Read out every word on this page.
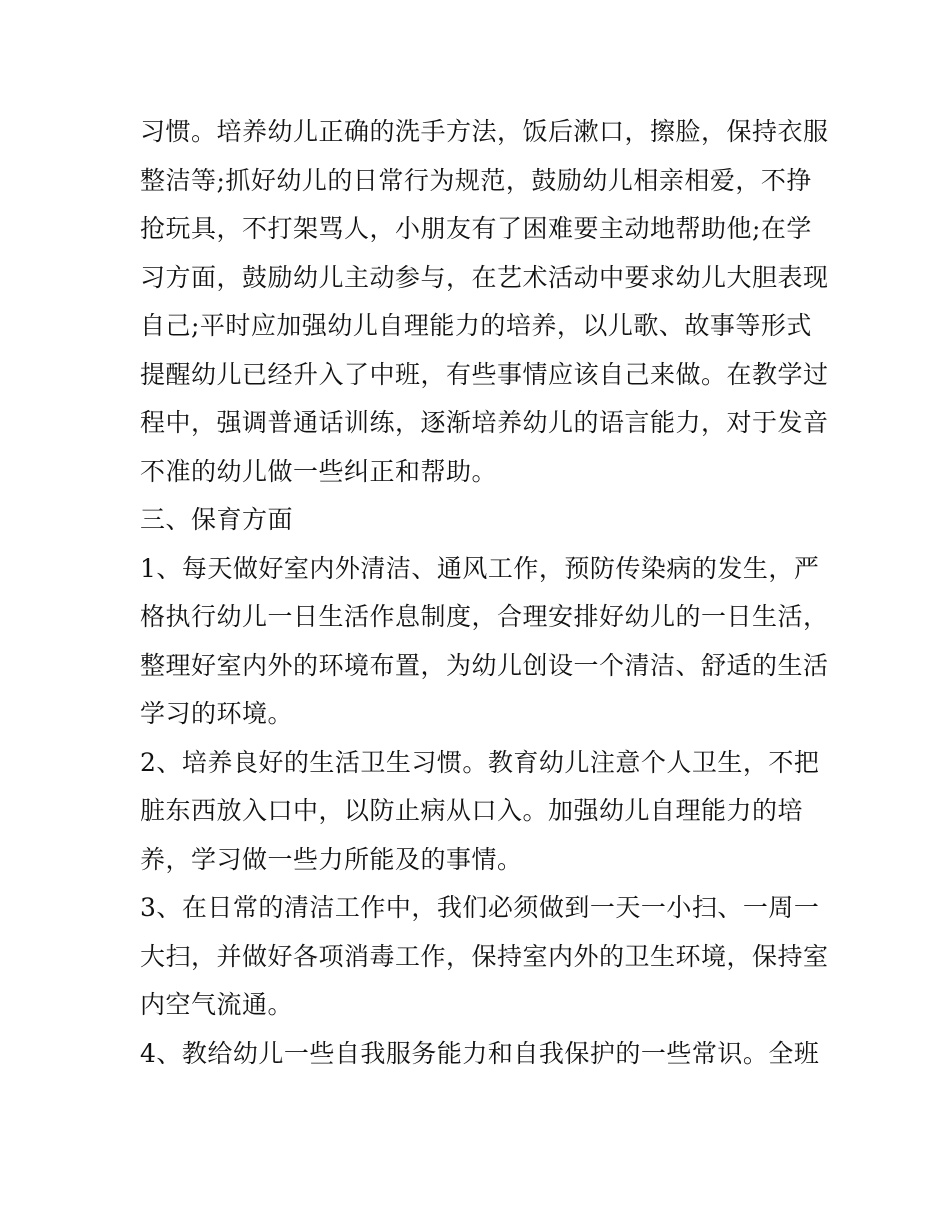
习惯。培养幼儿正确的洗手方法，饭后漱口，擦脸，保持衣服
整洁等;抓好幼儿的日常行为规范，鼓励幼儿相亲相爱，不挣
抢玩具，不打架骂人，小朋友有了困难要主动地帮助他;在学
习方面，鼓励幼儿主动参与，在艺术活动中要求幼儿大胆表现
自己;平时应加强幼儿自理能力的培养，以儿歌、故事等形式
提醒幼儿已经升入了中班，有些事情应该自己来做。在教学过
程中，强调普通话训练，逐渐培养幼儿的语言能力，对于发音
不准的幼儿做一些纠正和帮助。
三、保育方面
1、每天做好室内外清洁、通风工作，预防传染病的发生，严
格执行幼儿一日生活作息制度，合理安排好幼儿的一日生活，
整理好室内外的环境布置，为幼儿创设一个清洁、舒适的生活
学习的环境。
2、培养良好的生活卫生习惯。教育幼儿注意个人卫生，不把
脏东西放入口中，以防止病从口入。加强幼儿自理能力的培
养，学习做一些力所能及的事情。
3、在日常的清洁工作中，我们必须做到一天一小扫、一周一
大扫，并做好各项消毒工作，保持室内外的卫生环境，保持室
内空气流通。
4、教给幼儿一些自我服务能力和自我保护的一些常识。全班
